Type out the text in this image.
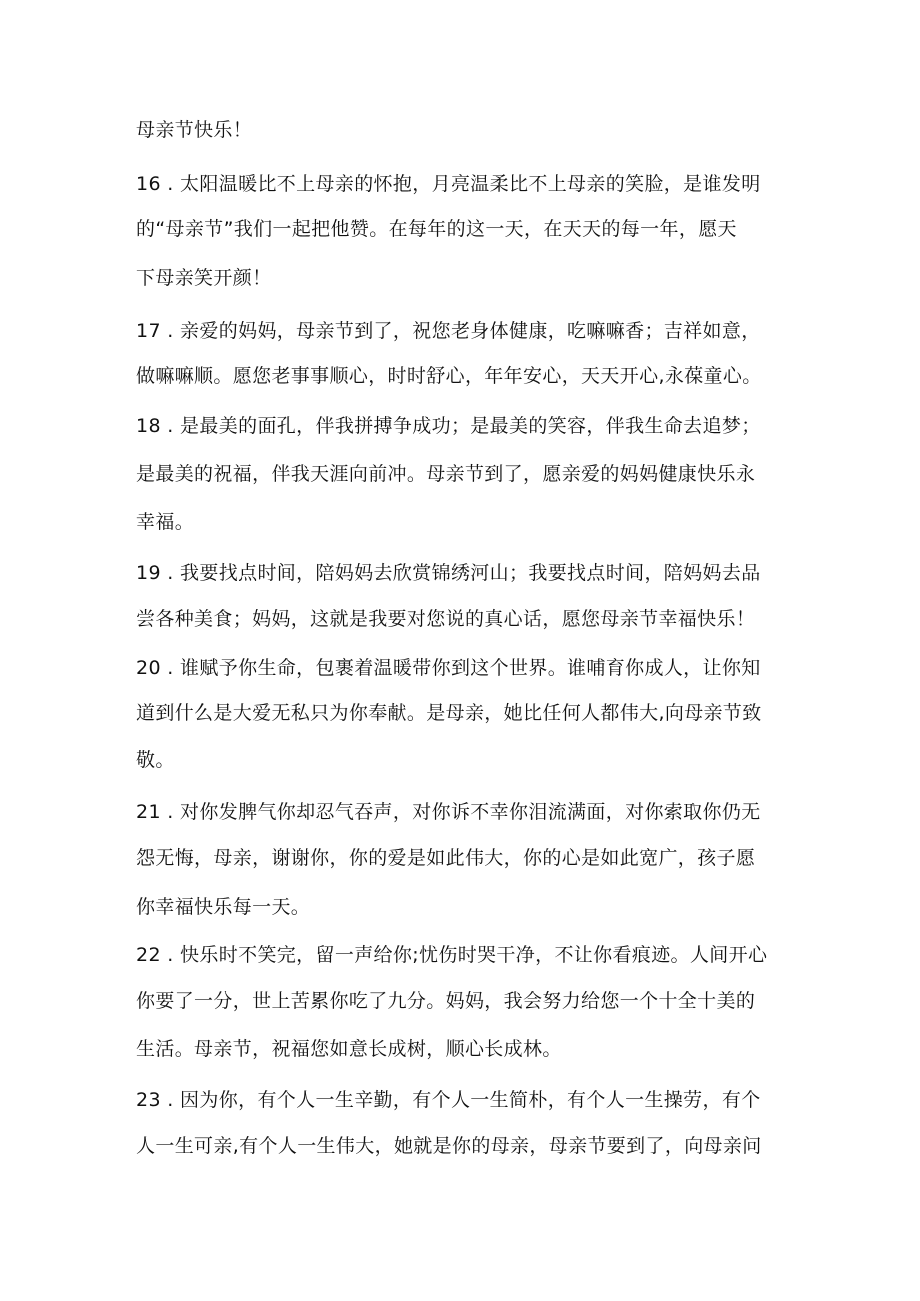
母亲节快乐！
16 . 太阳温暖比不上母亲的怀抱，月亮温柔比不上母亲的笑脸，是谁发明
的“母亲节”我们一起把他赞。在每年的这一天，在天天的每一年，愿天
下母亲笑开颜！
17 . 亲爱的妈妈，母亲节到了，祝您老身体健康，吃嘛嘛香；吉祥如意，
做嘛嘛顺。愿您老事事顺心，时时舒心，年年安心，天天开心,永葆童心。
18 . 是最美的面孔，伴我拼搏争成功；是最美的笑容，伴我生命去追梦；
是最美的祝福，伴我天涯向前冲。母亲节到了，愿亲爱的妈妈健康快乐永
幸福。
19 . 我要找点时间，陪妈妈去欣赏锦绣河山；我要找点时间，陪妈妈去品
尝各种美食；妈妈，这就是我要对您说的真心话，愿您母亲节幸福快乐！
20 . 谁赋予你生命，包裹着温暖带你到这个世界。谁哺育你成人，让你知
道到什么是大爱无私只为你奉献。是母亲，她比任何人都伟大,向母亲节致
敬。
21 . 对你发脾气你却忍气吞声，对你诉不幸你泪流满面，对你索取你仍无
怨无悔，母亲，谢谢你，你的爱是如此伟大，你的心是如此宽广，孩子愿
你幸福快乐每一天。
22 . 快乐时不笑完，留一声给你;忧伤时哭干净，不让你看痕迹。人间开心
你要了一分，世上苦累你吃了九分。妈妈，我会努力给您一个十全十美的
生活。母亲节，祝福您如意长成树，顺心长成林。
23 . 因为你，有个人一生辛勤，有个人一生简朴，有个人一生操劳，有个
人一生可亲,有个人一生伟大，她就是你的母亲，母亲节要到了，向母亲问
